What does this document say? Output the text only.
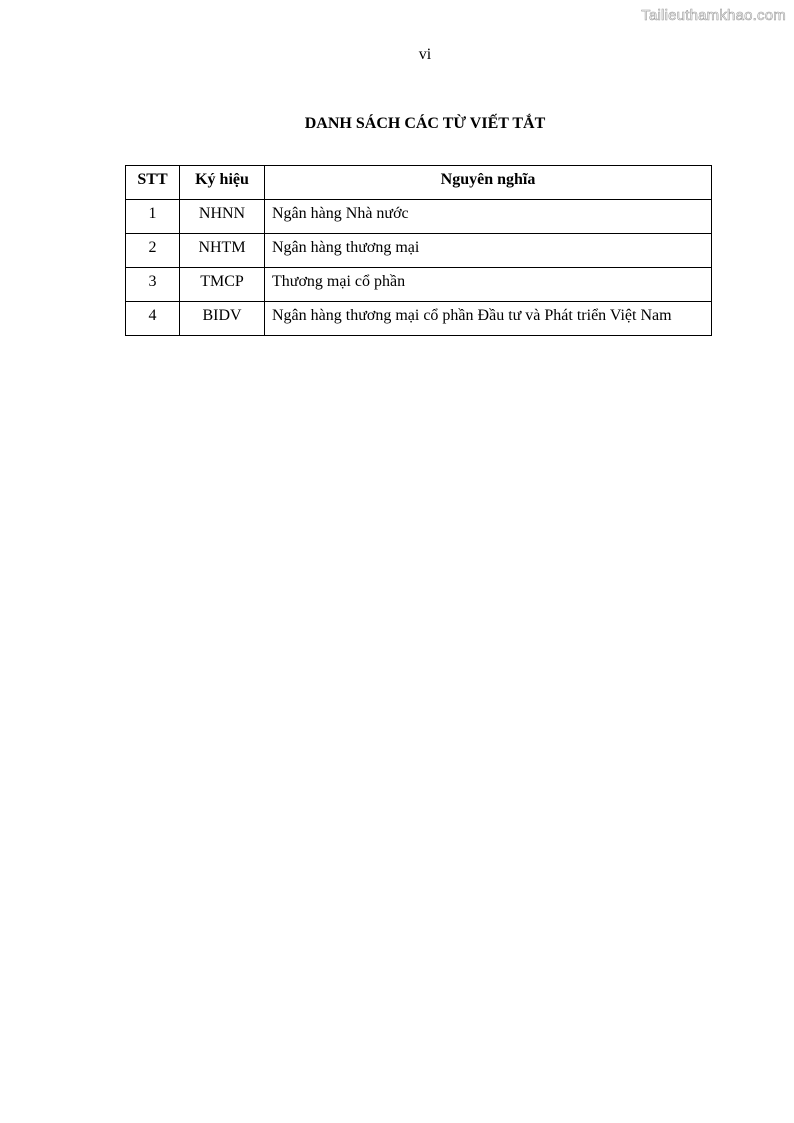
Tailieuthamkhao.com
vi
DANH SÁCH CÁC TỪ VIẾT TẮT
STT	Ký hiệu	Nguyên nghĩa
1	NHNN	Ngân hàng Nhà nước
2	NHTM	Ngân hàng thương mại
3	TMCP	Thương mại cổ phần
4	BIDV	Ngân hàng thương mại cổ phần Đầu tư và Phát triển Việt Nam
